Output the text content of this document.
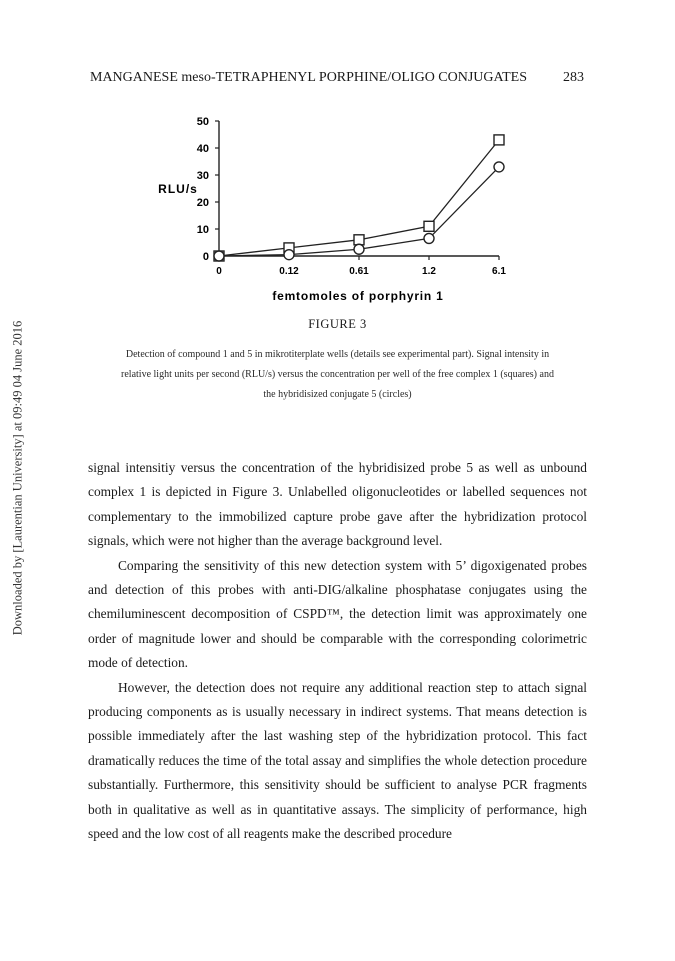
Downloaded by [Laurentian University] at 09:49 04 June 2016
MANGANESE meso-TETRAPHENYL PORPHINE/OLIGO CONJUGATES	283
0
10
20
30
40
50
0	0.12	0.61	1.2	6.1
RLU/s
femtomoles of porphyrin 1
FIGURE 3
Detection of compound 1 and 5 in mikrotiterplate wells (details see experimental part). Signal intensity in
relative light units per second (RLU/s) versus the concentration per well of the free complex 1 (squares) and
the hybridisized conjugate 5 (circles)

signal intensitiy versus the concentration of the hybridisized probe 5 as well as unbound complex 1 is depicted in Figure 3. Unlabelled oligonucleotides or labelled sequences not complementary to the immobilized capture probe gave after the hybridization protocol signals, which were not higher than the average background level.

Comparing the sensitivity of this new detection system with 5’ digoxigenated probes and detection of this probes with anti-DIG/alkaline phosphatase conjugates using the chemiluminescent decomposition of CSPD™, the detection limit was approximately one order of magnitude lower and should be comparable with the corresponding colorimetric mode of detection.

However, the detection does not require any additional reaction step to attach signal producing components as is usually necessary in indirect systems. That means detection is possible immediately after the last washing step of the hybridization protocol. This fact dramatically reduces the time of the total assay and simplifies the whole detection procedure substantially. Furthermore, this sensitivity should be sufficient to analyse PCR fragments both in qualitative as well as in quantitative assays. The simplicity of performance, high speed and the low cost of all reagents make the described procedure
